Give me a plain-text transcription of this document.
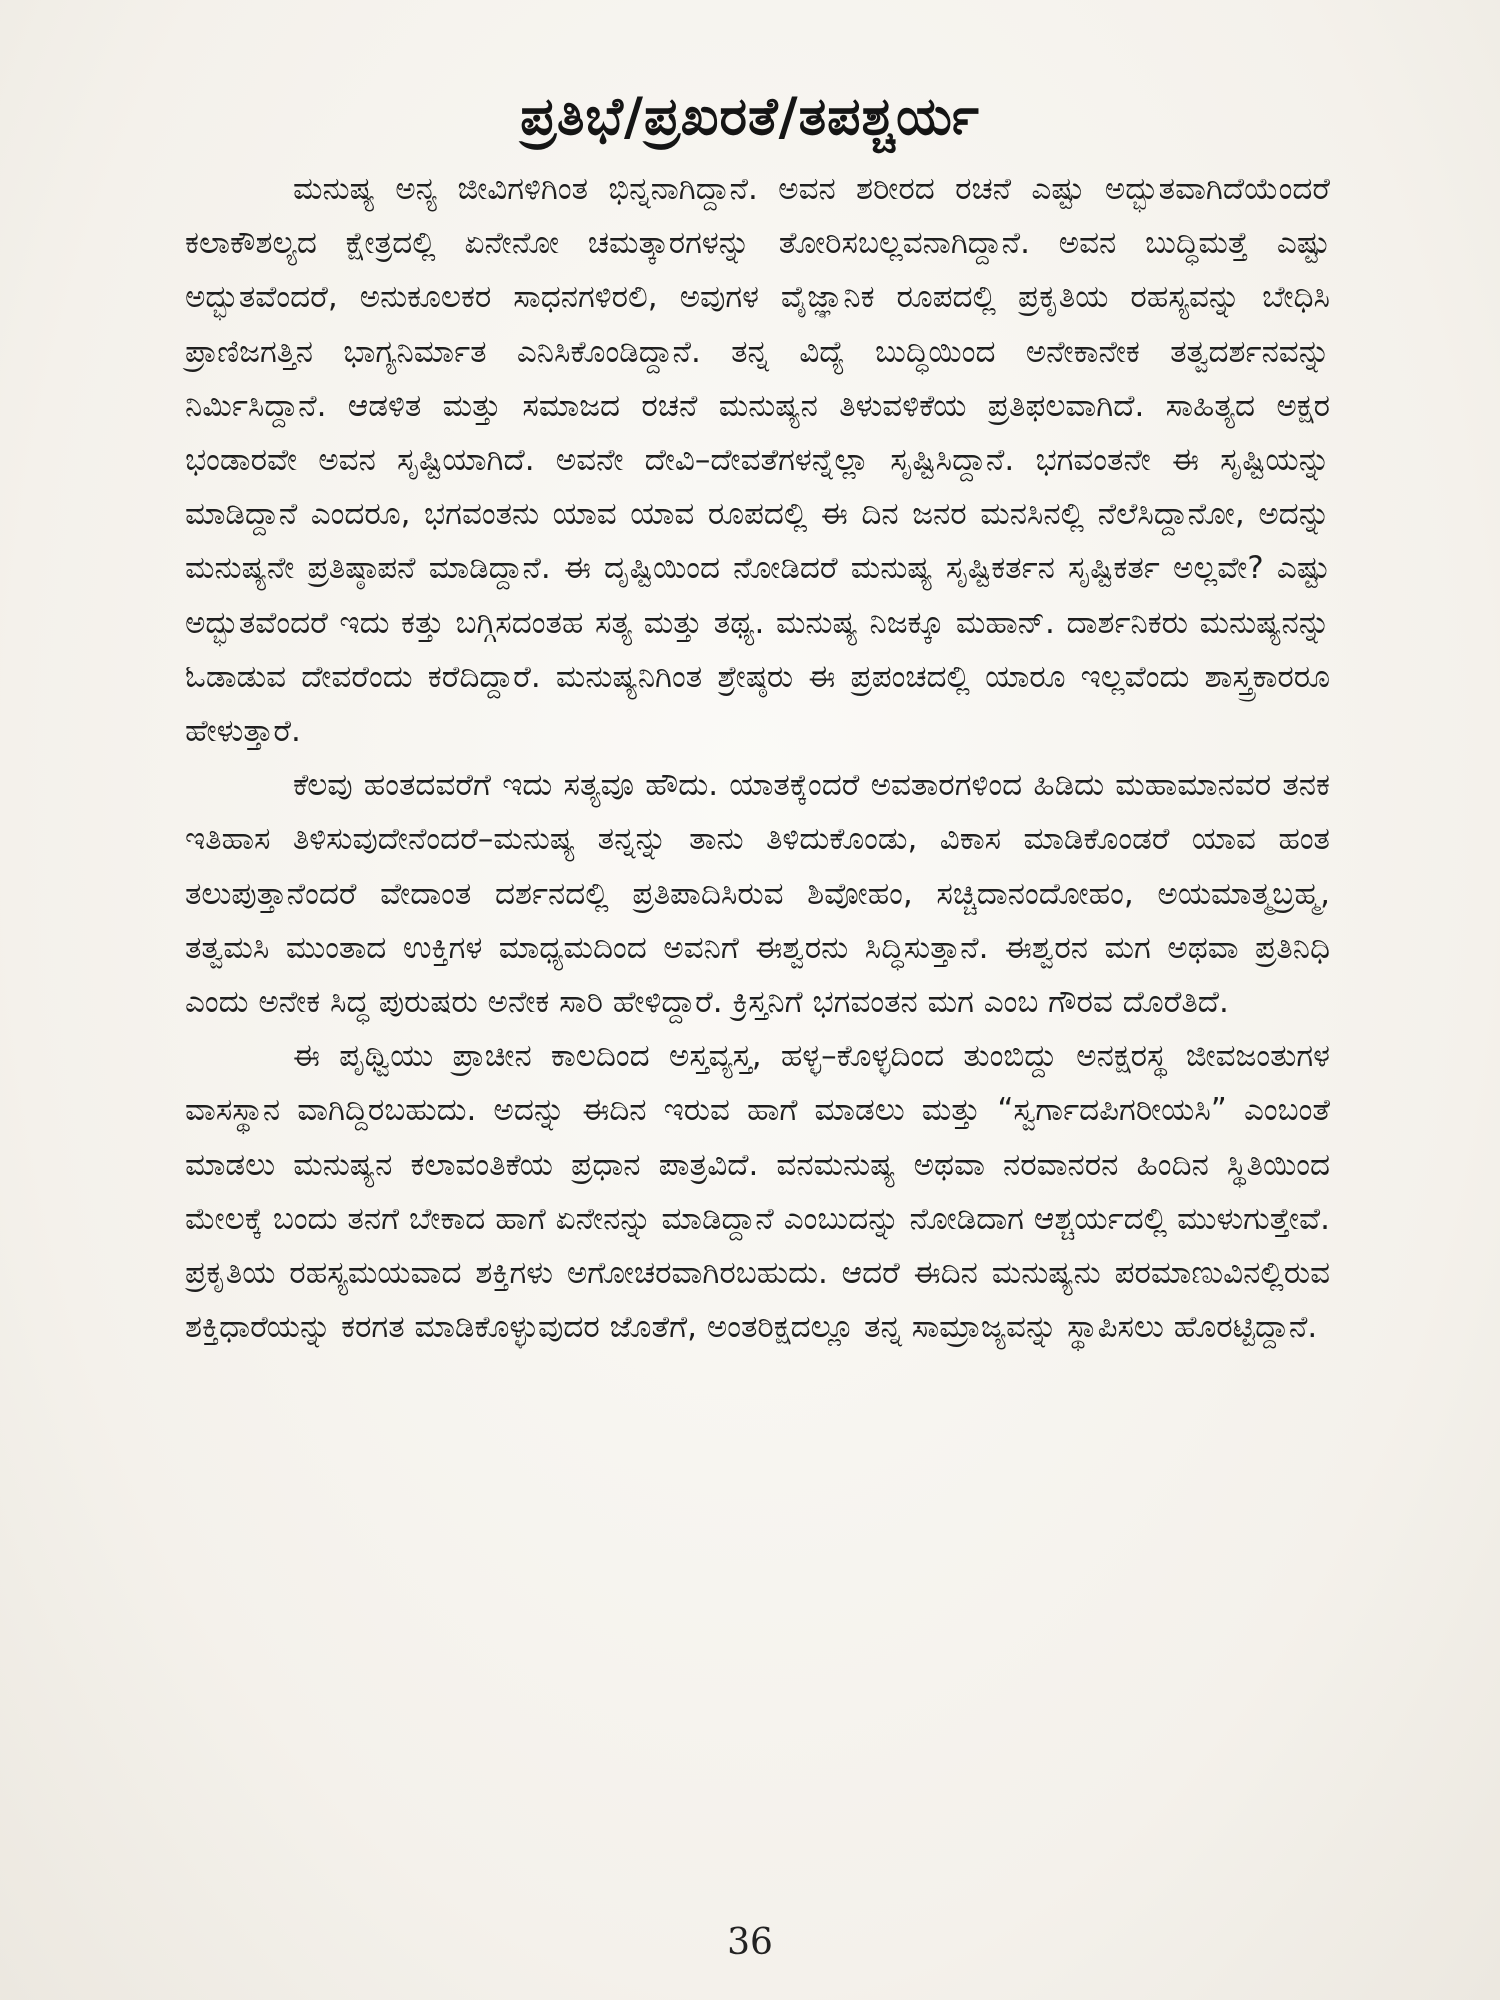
ಪ್ರತಿಭೆ/ಪ್ರಖರತೆ/ತಪಶ್ಚರ್ಯ

ಮನುಷ್ಯ ಅನ್ಯ ಜೀವಿಗಳಿಗಿಂತ ಭಿನ್ನನಾಗಿದ್ದಾನೆ. ಅವನ ಶರೀರದ ರಚನೆ ಎಷ್ಟು ಅದ್ಭುತವಾಗಿದೆಯೆಂದರೆ ಕಲಾಕೌಶಲ್ಯದ ಕ್ಷೇತ್ರದಲ್ಲಿ ಏನೇನೋ ಚಮತ್ಕಾರಗಳನ್ನು ತೋರಿಸಬಲ್ಲವನಾಗಿದ್ದಾನೆ. ಅವನ ಬುದ್ಧಿಮತ್ತೆ ಎಷ್ಟು ಅದ್ಭುತವೆಂದರೆ, ಅನುಕೂಲಕರ ಸಾಧನಗಳಿರಲಿ, ಅವುಗಳ ವೈಜ್ಞಾನಿಕ ರೂಪದಲ್ಲಿ ಪ್ರಕೃತಿಯ ರಹಸ್ಯವನ್ನು ಬೇಧಿಸಿ ಪ್ರಾಣಿಜಗತ್ತಿನ ಭಾಗ್ಯನಿರ್ಮಾತ ಎನಿಸಿಕೊಂಡಿದ್ದಾನೆ. ತನ್ನ ವಿದ್ಯೆ ಬುದ್ಧಿಯಿಂದ ಅನೇಕಾನೇಕ ತತ್ವದರ್ಶನವನ್ನು ನಿರ್ಮಿಸಿದ್ದಾನೆ. ಆಡಳಿತ ಮತ್ತು ಸಮಾಜದ ರಚನೆ ಮನುಷ್ಯನ ತಿಳುವಳಿಕೆಯ ಪ್ರತಿಫಲವಾಗಿದೆ. ಸಾಹಿತ್ಯದ ಅಕ್ಷರ ಭಂಡಾರವೇ ಅವನ ಸೃಷ್ಟಿಯಾಗಿದೆ. ಅವನೇ ದೇವಿ–ದೇವತೆಗಳನ್ನೆಲ್ಲಾ ಸೃಷ್ಟಿಸಿದ್ದಾನೆ. ಭಗವಂತನೇ ಈ ಸೃಷ್ಟಿಯನ್ನು ಮಾಡಿದ್ದಾನೆ ಎಂದರೂ, ಭಗವಂತನು ಯಾವ ಯಾವ ರೂಪದಲ್ಲಿ ಈ ದಿನ ಜನರ ಮನಸಿನಲ್ಲಿ ನೆಲೆಸಿದ್ದಾನೋ, ಅದನ್ನು ಮನುಷ್ಯನೇ ಪ್ರತಿಷ್ಠಾಪನೆ ಮಾಡಿದ್ದಾನೆ. ಈ ದೃಷ್ಟಿಯಿಂದ ನೋಡಿದರೆ ಮನುಷ್ಯ ಸೃಷ್ಟಿಕರ್ತನ ಸೃಷ್ಟಿಕರ್ತ ಅಲ್ಲವೇ? ಎಷ್ಟು ಅದ್ಭುತವೆಂದರೆ ಇದು ಕತ್ತು ಬಗ್ಗಿಸದಂತಹ ಸತ್ಯ ಮತ್ತು ತಥ್ಯ. ಮನುಷ್ಯ ನಿಜಕ್ಕೂ ಮಹಾನ್. ದಾರ್ಶನಿಕರು ಮನುಷ್ಯನನ್ನು ಓಡಾಡುವ ದೇವರೆಂದು ಕರೆದಿದ್ದಾರೆ. ಮನುಷ್ಯನಿಗಿಂತ ಶ್ರೇಷ್ಠರು ಈ ಪ್ರಪಂಚದಲ್ಲಿ ಯಾರೂ ಇಲ್ಲವೆಂದು ಶಾಸ್ತ್ರಕಾರರೂ ಹೇಳುತ್ತಾರೆ.

ಕೆಲವು ಹಂತದವರೆಗೆ ಇದು ಸತ್ಯವೂ ಹೌದು. ಯಾತಕ್ಕೆಂದರೆ ಅವತಾರಗಳಿಂದ ಹಿಡಿದು ಮಹಾಮಾನವರ ತನಕ ಇತಿಹಾಸ ತಿಳಿಸುವುದೇನೆಂದರೆ–ಮನುಷ್ಯ ತನ್ನನ್ನು ತಾನು ತಿಳಿದುಕೊಂಡು, ವಿಕಾಸ ಮಾಡಿಕೊಂಡರೆ ಯಾವ ಹಂತ ತಲುಪುತ್ತಾನೆಂದರೆ ವೇದಾಂತ ದರ್ಶನದಲ್ಲಿ ಪ್ರತಿಪಾದಿಸಿರುವ ಶಿವೋಹಂ, ಸಚ್ಚಿದಾನಂದೋಹಂ, ಅಯಮಾತ್ಮಬ್ರಹ್ಮ, ತತ್ವಮಸಿ ಮುಂತಾದ ಉಕ್ತಿಗಳ ಮಾಧ್ಯಮದಿಂದ ಅವನಿಗೆ ಈಶ್ವರನು ಸಿದ್ಧಿಸುತ್ತಾನೆ. ಈಶ್ವರನ ಮಗ ಅಥವಾ ಪ್ರತಿನಿಧಿ ಎಂದು ಅನೇಕ ಸಿದ್ಧ ಪುರುಷರು ಅನೇಕ ಸಾರಿ ಹೇಳಿದ್ದಾರೆ. ಕ್ರಿಸ್ತನಿಗೆ ಭಗವಂತನ ಮಗ ಎಂಬ ಗೌರವ ದೊರೆತಿದೆ.

ಈ ಪೃಥ್ವಿಯು ಪ್ರಾಚೀನ ಕಾಲದಿಂದ ಅಸ್ತವ್ಯಸ್ತ, ಹಳ್ಳ–ಕೊಳ್ಳದಿಂದ ತುಂಬಿದ್ದು ಅನಕ್ಷರಸ್ಥ ಜೀವಜಂತುಗಳ ವಾಸಸ್ಥಾನ ವಾಗಿದ್ದಿರಬಹುದು. ಅದನ್ನು ಈದಿನ ಇರುವ ಹಾಗೆ ಮಾಡಲು ಮತ್ತು “ಸ್ವರ್ಗಾದಪಿಗರೀಯಸಿ” ಎಂಬಂತೆ ಮಾಡಲು ಮನುಷ್ಯನ ಕಲಾವಂತಿಕೆಯ ಪ್ರಧಾನ ಪಾತ್ರವಿದೆ. ವನಮನುಷ್ಯ ಅಥವಾ ನರವಾನರನ ಹಿಂದಿನ ಸ್ಥಿತಿಯಿಂದ ಮೇಲಕ್ಕೆ ಬಂದು ತನಗೆ ಬೇಕಾದ ಹಾಗೆ ಏನೇನನ್ನು ಮಾಡಿದ್ದಾನೆ ಎಂಬುದನ್ನು ನೋಡಿದಾಗ ಆಶ್ಚರ್ಯದಲ್ಲಿ ಮುಳುಗುತ್ತೇವೆ. ಪ್ರಕೃತಿಯ ರಹಸ್ಯಮಯವಾದ ಶಕ್ತಿಗಳು ಅಗೋಚರವಾಗಿರಬಹುದು. ಆದರೆ ಈದಿನ ಮನುಷ್ಯನು ಪರಮಾಣುವಿನಲ್ಲಿರುವ ಶಕ್ತಿಧಾರೆಯನ್ನು ಕರಗತ ಮಾಡಿಕೊಳ್ಳುವುದರ ಜೊತೆಗೆ, ಅಂತರಿಕ್ಷದಲ್ಲೂ ತನ್ನ ಸಾಮ್ರಾಜ್ಯವನ್ನು ಸ್ಥಾಪಿಸಲು ಹೊರಟ್ಟಿದ್ದಾನೆ.

36
